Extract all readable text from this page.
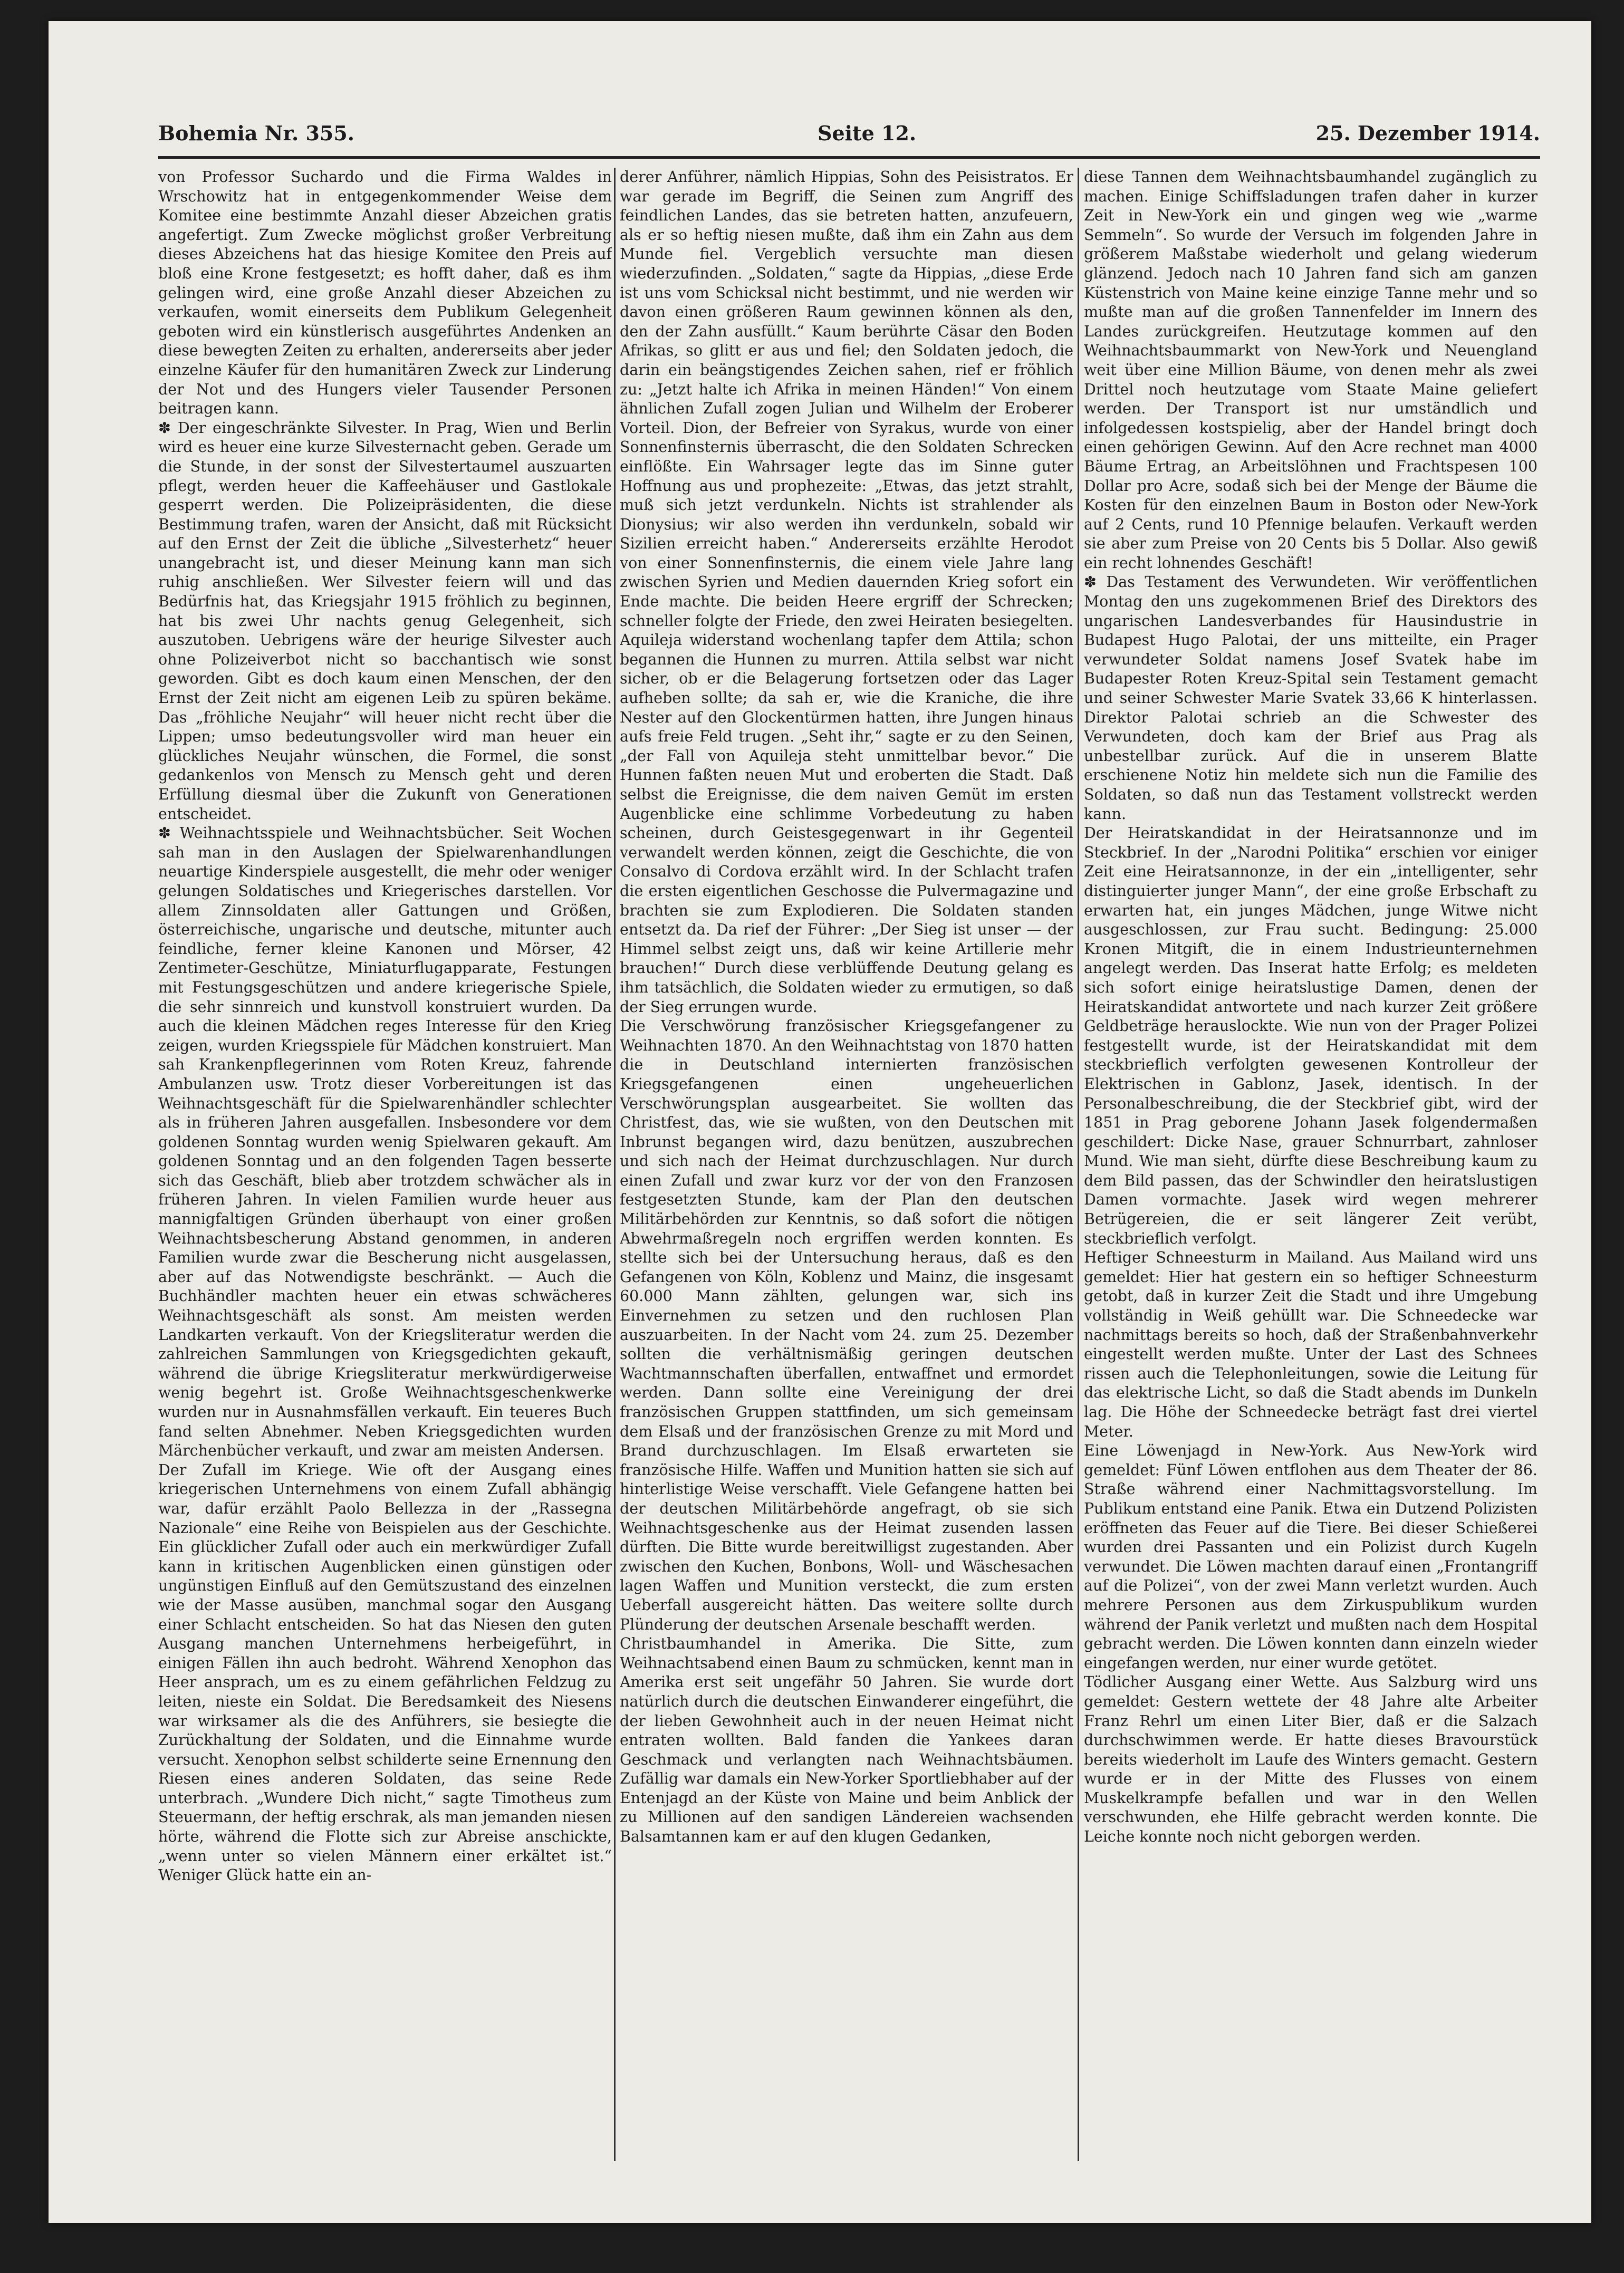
Bohemia Nr. 355.	Seite 12.	25. Dezember 1914.

von Professor Suchardo und die Firma Waldes in Wrschowitz hat in entgegenkommender Weise dem Komitee eine bestimmte Anzahl dieser Abzeichen gratis angefertigt. Zum Zwecke möglichst großer Verbreitung dieses Abzeichens hat das hiesige Komitee den Preis auf bloß eine Krone festgesetzt; es hofft daher, daß es ihm gelingen wird, eine große Anzahl dieser Abzeichen zu verkaufen, womit einerseits dem Publikum Gelegenheit geboten wird ein künstlerisch ausgeführtes Andenken an diese bewegten Zeiten zu erhalten, andererseits aber jeder einzelne Käufer für den humanitären Zweck zur Linderung der Not und des Hungers vieler Tausender Personen beitragen kann.

✽ Der eingeschränkte Silvester. In Prag, Wien und Berlin wird es heuer eine kurze Silvesternacht geben. Gerade um die Stunde, in der sonst der Silvestertaumel auszuarten pflegt, werden heuer die Kaffeehäuser und Gastlokale gesperrt werden. Die Polizeipräsidenten, die diese Bestimmung trafen, waren der Ansicht, daß mit Rücksicht auf den Ernst der Zeit die übliche „Silvesterhetz“ heuer unangebracht ist, und dieser Meinung kann man sich ruhig anschließen. Wer Silvester feiern will und das Bedürfnis hat, das Kriegsjahr 1915 fröhlich zu beginnen, hat bis zwei Uhr nachts genug Gelegenheit, sich auszutoben. Uebrigens wäre der heurige Silvester auch ohne Polizeiverbot nicht so bacchantisch wie sonst geworden. Gibt es doch kaum einen Menschen, der den Ernst der Zeit nicht am eigenen Leib zu spüren bekäme. Das „fröhliche Neujahr“ will heuer nicht recht über die Lippen; umso bedeutungsvoller wird man heuer ein glückliches Neujahr wünschen, die Formel, die sonst gedankenlos von Mensch zu Mensch geht und deren Erfüllung diesmal über die Zukunft von Generationen entscheidet.

✽ Weihnachtsspiele und Weihnachtsbücher. Seit Wochen sah man in den Auslagen der Spielwarenhandlungen neuartige Kinderspiele ausgestellt, die mehr oder weniger gelungen Soldatisches und Kriegerisches darstellen. Vor allem Zinnsoldaten aller Gattungen und Größen, österreichische, ungarische und deutsche, mitunter auch feindliche, ferner kleine Kanonen und Mörser, 42 Zentimeter-Geschütze, Miniaturflugapparate, Festungen mit Festungsgeschützen und andere kriegerische Spiele, die sehr sinnreich und kunstvoll konstruiert wurden. Da auch die kleinen Mädchen reges Interesse für den Krieg zeigen, wurden Kriegsspiele für Mädchen konstruiert. Man sah Krankenpflegerinnen vom Roten Kreuz, fahrende Ambulanzen usw. Trotz dieser Vorbereitungen ist das Weihnachtsgeschäft für die Spielwarenhändler schlechter als in früheren Jahren ausgefallen. Insbesondere vor dem goldenen Sonntag wurden wenig Spielwaren gekauft. Am goldenen Sonntag und an den folgenden Tagen besserte sich das Geschäft, blieb aber trotzdem schwächer als in früheren Jahren. In vielen Familien wurde heuer aus mannigfaltigen Gründen überhaupt von einer großen Weihnachtsbescherung Abstand genommen, in anderen Familien wurde zwar die Bescherung nicht ausgelassen, aber auf das Notwendigste beschränkt. — Auch die Buchhändler machten heuer ein etwas schwächeres Weihnachtsgeschäft als sonst. Am meisten werden Landkarten verkauft. Von der Kriegsliteratur werden die zahlreichen Sammlungen von Kriegsgedichten gekauft, während die übrige Kriegsliteratur merkwürdigerweise wenig begehrt ist. Große Weihnachtsgeschenkwerke wurden nur in Ausnahmsfällen verkauft. Ein teueres Buch fand selten Abnehmer. Neben Kriegsgedichten wurden Märchenbücher verkauft, und zwar am meisten Andersen.

Der Zufall im Kriege. Wie oft der Ausgang eines kriegerischen Unternehmens von einem Zufall abhängig war, dafür erzählt Paolo Bellezza in der „Rassegna Nazionale“ eine Reihe von Beispielen aus der Geschichte. Ein glücklicher Zufall oder auch ein merkwürdiger Zufall kann in kritischen Augenblicken einen günstigen oder ungünstigen Einfluß auf den Gemütszustand des einzelnen wie der Masse ausüben, manchmal sogar den Ausgang einer Schlacht entscheiden. So hat das Niesen den guten Ausgang manchen Unternehmens herbeigeführt, in einigen Fällen ihn auch bedroht. Während Xenophon das Heer ansprach, um es zu einem gefährlichen Feldzug zu leiten, nieste ein Soldat. Die Beredsamkeit des Niesens war wirksamer als die des Anführers, sie besiegte die Zurückhaltung der Soldaten, und die Einnahme wurde versucht. Xenophon selbst schilderte seine Ernennung den Riesen eines anderen Soldaten, das seine Rede unterbrach. „Wundere Dich nicht,“ sagte Timotheus zum Steuermann, der heftig erschrak, als man jemanden niesen hörte, während die Flotte sich zur Abreise anschickte, „wenn unter so vielen Männern einer erkältet ist.“ Weniger Glück hatte ein an-

derer Anführer, nämlich Hippias, Sohn des Peisistratos. Er war gerade im Begriff, die Seinen zum Angriff des feindlichen Landes, das sie betreten hatten, anzufeuern, als er so heftig niesen mußte, daß ihm ein Zahn aus dem Munde fiel. Vergeblich versuchte man diesen wiederzufinden. „Soldaten,“ sagte da Hippias, „diese Erde ist uns vom Schicksal nicht bestimmt, und nie werden wir davon einen größeren Raum gewinnen können als den, den der Zahn ausfüllt.“ Kaum berührte Cäsar den Boden Afrikas, so glitt er aus und fiel; den Soldaten jedoch, die darin ein beängstigendes Zeichen sahen, rief er fröhlich zu: „Jetzt halte ich Afrika in meinen Händen!“ Von einem ähnlichen Zufall zogen Julian und Wilhelm der Eroberer Vorteil. Dion, der Befreier von Syrakus, wurde von einer Sonnenfinsternis überrascht, die den Soldaten Schrecken einflößte. Ein Wahrsager legte das im Sinne guter Hoffnung aus und prophezeite: „Etwas, das jetzt strahlt, muß sich jetzt verdunkeln. Nichts ist strahlender als Dionysius; wir also werden ihn verdunkeln, sobald wir Sizilien erreicht haben.“ Andererseits erzählte Herodot von einer Sonnenfinsternis, die einem viele Jahre lang zwischen Syrien und Medien dauernden Krieg sofort ein Ende machte. Die beiden Heere ergriff der Schrecken; schneller folgte der Friede, den zwei Heiraten besiegelten. Aquileja widerstand wochenlang tapfer dem Attila; schon begannen die Hunnen zu murren. Attila selbst war nicht sicher, ob er die Belagerung fortsetzen oder das Lager aufheben sollte; da sah er, wie die Kraniche, die ihre Nester auf den Glockentürmen hatten, ihre Jungen hinaus aufs freie Feld trugen. „Seht ihr,“ sagte er zu den Seinen, „der Fall von Aquileja steht unmittelbar bevor.“ Die Hunnen faßten neuen Mut und eroberten die Stadt. Daß selbst die Ereignisse, die dem naiven Gemüt im ersten Augenblicke eine schlimme Vorbedeutung zu haben scheinen, durch Geistesgegenwart in ihr Gegenteil verwandelt werden können, zeigt die Geschichte, die von Consalvo di Cordova erzählt wird. In der Schlacht trafen die ersten eigentlichen Geschosse die Pulvermagazine und brachten sie zum Explodieren. Die Soldaten standen entsetzt da. Da rief der Führer: „Der Sieg ist unser — der Himmel selbst zeigt uns, daß wir keine Artillerie mehr brauchen!“ Durch diese verblüffende Deutung gelang es ihm tatsächlich, die Soldaten wieder zu ermutigen, so daß der Sieg errungen wurde.

Die Verschwörung französischer Kriegsgefangener zu Weihnachten 1870. An den Weihnachtstag von 1870 hatten die in Deutschland internierten französischen Kriegsgefangenen einen ungeheuerlichen Verschwörungsplan ausgearbeitet. Sie wollten das Christfest, das, wie sie wußten, von den Deutschen mit Inbrunst begangen wird, dazu benützen, auszubrechen und sich nach der Heimat durchzuschlagen. Nur durch einen Zufall und zwar kurz vor der von den Franzosen festgesetzten Stunde, kam der Plan den deutschen Militärbehörden zur Kenntnis, so daß sofort die nötigen Abwehrmaßregeln noch ergriffen werden konnten. Es stellte sich bei der Untersuchung heraus, daß es den Gefangenen von Köln, Koblenz und Mainz, die insgesamt 60.000 Mann zählten, gelungen war, sich ins Einvernehmen zu setzen und den ruchlosen Plan auszuarbeiten. In der Nacht vom 24. zum 25. Dezember sollten die verhältnismäßig geringen deutschen Wachtmannschaften überfallen, entwaffnet und ermordet werden. Dann sollte eine Vereinigung der drei französischen Gruppen stattfinden, um sich gemeinsam dem Elsaß und der französischen Grenze zu mit Mord und Brand durchzuschlagen. Im Elsaß erwarteten sie französische Hilfe. Waffen und Munition hatten sie sich auf hinterlistige Weise verschafft. Viele Gefangene hatten bei der deutschen Militärbehörde angefragt, ob sie sich Weihnachtsgeschenke aus der Heimat zusenden lassen dürften. Die Bitte wurde bereitwilligst zugestanden. Aber zwischen den Kuchen, Bonbons, Woll- und Wäschesachen lagen Waffen und Munition versteckt, die zum ersten Ueberfall ausgereicht hätten. Das weitere sollte durch Plünderung der deutschen Arsenale beschafft werden.

Christbaumhandel in Amerika. Die Sitte, zum Weihnachtsabend einen Baum zu schmücken, kennt man in Amerika erst seit ungefähr 50 Jahren. Sie wurde dort natürlich durch die deutschen Einwanderer eingeführt, die der lieben Gewohnheit auch in der neuen Heimat nicht entraten wollten. Bald fanden die Yankees daran Geschmack und verlangten nach Weihnachtsbäumen. Zufällig war damals ein New-Yorker Sportliebhaber auf der Entenjagd an der Küste von Maine und beim Anblick der zu Millionen auf den sandigen Ländereien wachsenden Balsamtannen kam er auf den klugen Gedanken,

diese Tannen dem Weihnachtsbaumhandel zugänglich zu machen. Einige Schiffsladungen trafen daher in kurzer Zeit in New-York ein und gingen weg wie „warme Semmeln“. So wurde der Versuch im folgenden Jahre in größerem Maßstabe wiederholt und gelang wiederum glänzend. Jedoch nach 10 Jahren fand sich am ganzen Küstenstrich von Maine keine einzige Tanne mehr und so mußte man auf die großen Tannenfelder im Innern des Landes zurückgreifen. Heutzutage kommen auf den Weihnachtsbaummarkt von New-York und Neuengland weit über eine Million Bäume, von denen mehr als zwei Drittel noch heutzutage vom Staate Maine geliefert werden. Der Transport ist nur umständlich und infolgedessen kostspielig, aber der Handel bringt doch einen gehörigen Gewinn. Auf den Acre rechnet man 4000 Bäume Ertrag, an Arbeitslöhnen und Frachtspesen 100 Dollar pro Acre, sodaß sich bei der Menge der Bäume die Kosten für den einzelnen Baum in Boston oder New-York auf 2 Cents, rund 10 Pfennige belaufen. Verkauft werden sie aber zum Preise von 20 Cents bis 5 Dollar. Also gewiß ein recht lohnendes Geschäft!

✽ Das Testament des Verwundeten. Wir veröffentlichen Montag den uns zugekommenen Brief des Direktors des ungarischen Landesverbandes für Hausindustrie in Budapest Hugo Palotai, der uns mitteilte, ein Prager verwundeter Soldat namens Josef Svatek habe im Budapester Roten Kreuz-Spital sein Testament gemacht und seiner Schwester Marie Svatek 33,66 K hinterlassen. Direktor Palotai schrieb an die Schwester des Verwundeten, doch kam der Brief aus Prag als unbestellbar zurück. Auf die in unserem Blatte erschienene Notiz hin meldete sich nun die Familie des Soldaten, so daß nun das Testament vollstreckt werden kann.

Der Heiratskandidat in der Heiratsannonze und im Steckbrief. In der „Narodni Politika“ erschien vor einiger Zeit eine Heiratsannonze, in der ein „intelligenter, sehr distinguierter junger Mann“, der eine große Erbschaft zu erwarten hat, ein junges Mädchen, junge Witwe nicht ausgeschlossen, zur Frau sucht. Bedingung: 25.000 Kronen Mitgift, die in einem Industrieunternehmen angelegt werden. Das Inserat hatte Erfolg; es meldeten sich sofort einige heiratslustige Damen, denen der Heiratskandidat antwortete und nach kurzer Zeit größere Geldbeträge herauslockte. Wie nun von der Prager Polizei festgestellt wurde, ist der Heiratskandidat mit dem steckbrieflich verfolgten gewesenen Kontrolleur der Elektrischen in Gablonz, Jasek, identisch. In der Personalbeschreibung, die der Steckbrief gibt, wird der 1851 in Prag geborene Johann Jasek folgendermaßen geschildert: Dicke Nase, grauer Schnurrbart, zahnloser Mund. Wie man sieht, dürfte diese Beschreibung kaum zu dem Bild passen, das der Schwindler den heiratslustigen Damen vormachte. Jasek wird wegen mehrerer Betrügereien, die er seit längerer Zeit verübt, steckbrieflich verfolgt.

Heftiger Schneesturm in Mailand. Aus Mailand wird uns gemeldet: Hier hat gestern ein so heftiger Schneesturm getobt, daß in kurzer Zeit die Stadt und ihre Umgebung vollständig in Weiß gehüllt war. Die Schneedecke war nachmittags bereits so hoch, daß der Straßenbahnverkehr eingestellt werden mußte. Unter der Last des Schnees rissen auch die Telephonleitungen, sowie die Leitung für das elektrische Licht, so daß die Stadt abends im Dunkeln lag. Die Höhe der Schneedecke beträgt fast drei viertel Meter.

Eine Löwenjagd in New-York. Aus New-York wird gemeldet: Fünf Löwen entflohen aus dem Theater der 86. Straße während einer Nachmittagsvorstellung. Im Publikum entstand eine Panik. Etwa ein Dutzend Polizisten eröffneten das Feuer auf die Tiere. Bei dieser Schießerei wurden drei Passanten und ein Polizist durch Kugeln verwundet. Die Löwen machten darauf einen „Frontangriff auf die Polizei“, von der zwei Mann verletzt wurden. Auch mehrere Personen aus dem Zirkuspublikum wurden während der Panik verletzt und mußten nach dem Hospital gebracht werden. Die Löwen konnten dann einzeln wieder eingefangen werden, nur einer wurde getötet.

Tödlicher Ausgang einer Wette. Aus Salzburg wird uns gemeldet: Gestern wettete der 48 Jahre alte Arbeiter Franz Rehrl um einen Liter Bier, daß er die Salzach durchschwimmen werde. Er hatte dieses Bravourstück bereits wiederholt im Laufe des Winters gemacht. Gestern wurde er in der Mitte des Flusses von einem Muskelkrampfe befallen und war in den Wellen verschwunden, ehe Hilfe gebracht werden konnte. Die Leiche konnte noch nicht geborgen werden.
